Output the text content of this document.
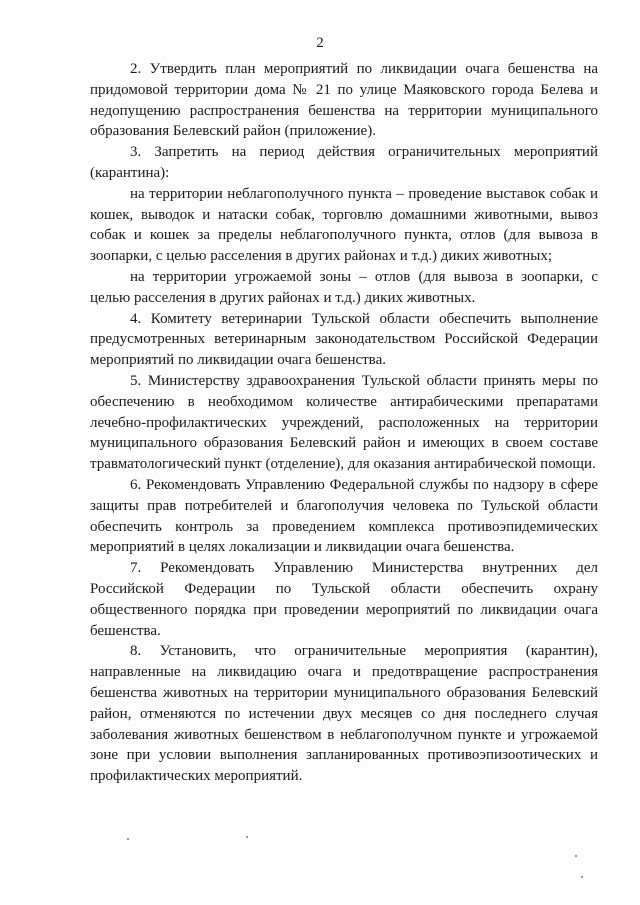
2

2. Утвердить план мероприятий по ликвидации очага бешенства на придомовой территории дома № 21 по улице Маяковского города Белева и недопущению распространения бешенства на территории муниципального образования Белевский район (приложение).

3. Запретить на период действия ограничительных мероприятий (карантина):

на территории неблагополучного пункта – проведение выставок собак и кошек, выводок и натаски собак, торговлю домашними животными, вывоз собак и кошек за пределы неблагополучного пункта, отлов (для вывоза в зоопарки, с целью расселения в других районах и т.д.) диких животных;

на территории угрожаемой зоны – отлов (для вывоза в зоопарки, с целью расселения в других районах и т.д.) диких животных.

4. Комитету ветеринарии Тульской области обеспечить выполнение предусмотренных ветеринарным законодательством Российской Федерации мероприятий по ликвидации очага бешенства.

5. Министерству здравоохранения Тульской области принять меры по обеспечению в необходимом количестве антирабическими препаратами лечебно-профилактических учреждений, расположенных на территории муниципального образования Белевский район и имеющих в своем составе травматологический пункт (отделение), для оказания антирабической помощи.

6. Рекомендовать Управлению Федеральной службы по надзору в сфере защиты прав потребителей и благополучия человека по Тульской области обеспечить контроль за проведением комплекса противоэпидемических мероприятий в целях локализации и ликвидации очага бешенства.

7. Рекомендовать Управлению Министерства внутренних дел Российской Федерации по Тульской области обеспечить охрану общественного порядка при проведении мероприятий по ликвидации очага бешенства.

8. Установить, что ограничительные мероприятия (карантин), направленные на ликвидацию очага и предотвращение распространения бешенства животных на территории муниципального образования Белевский район, отменяются по истечении двух месяцев со дня последнего случая заболевания животных бешенством в неблагополучном пункте и угрожаемой зоне при условии выполнения запланированных противоэпизоотических и профилактических мероприятий.
